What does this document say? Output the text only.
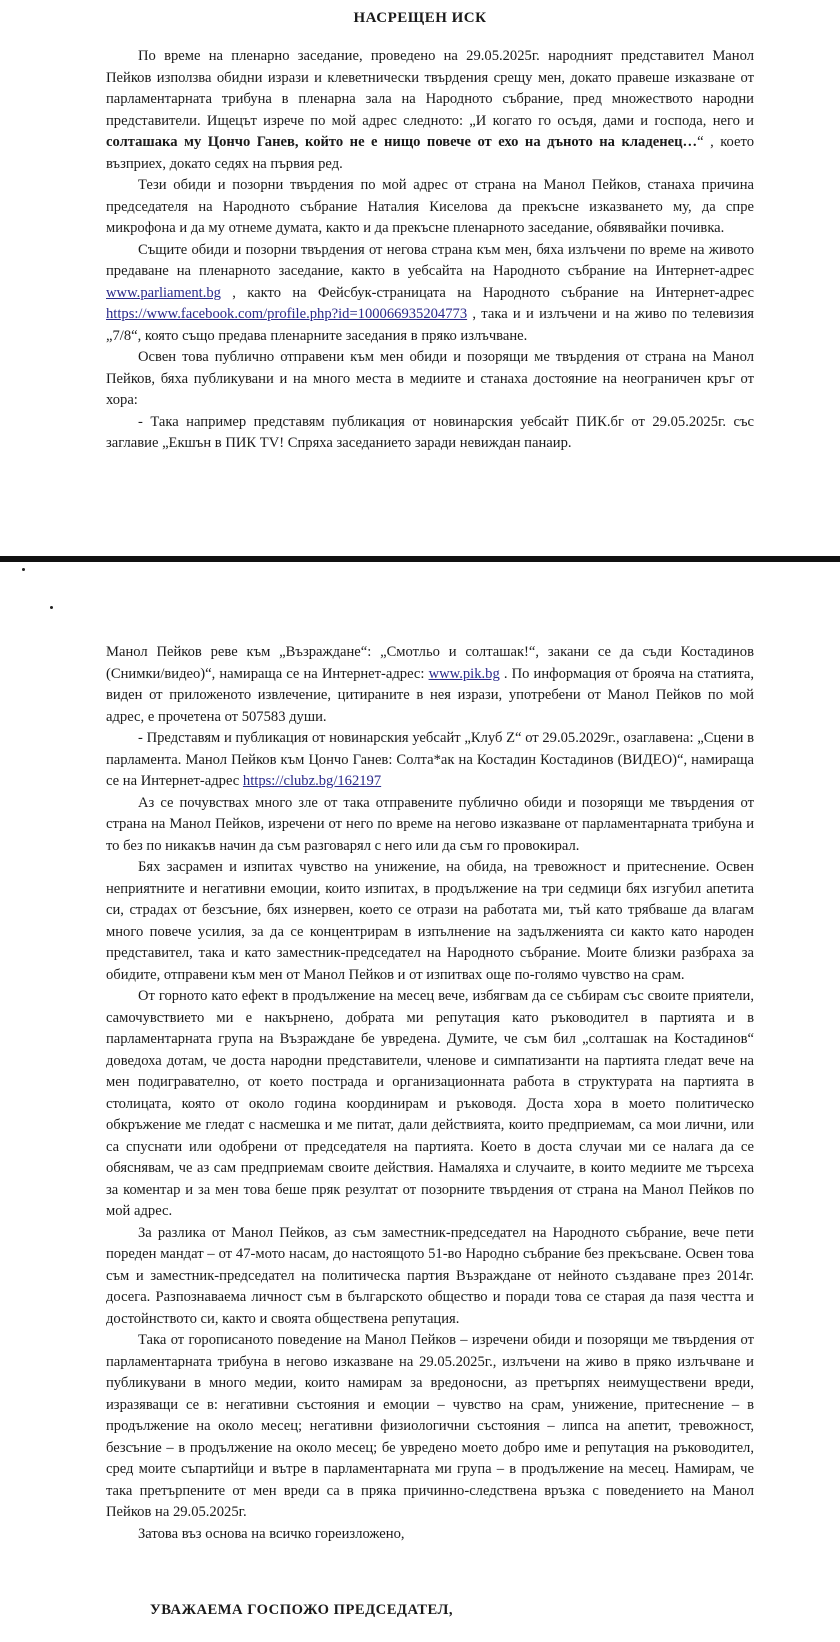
НАСРЕЩЕН ИСК

По време на пленарно заседание, проведено на 29.05.2025г. народният представител Манол Пейков използва обидни изрази и клеветнически твърдения срещу мен, докато правеше изказване от парламентарната трибуна в пленарна зала на Народното събрание, пред множеството народни представители. Ищецът изрече по мой адрес следното: „И когато го осъдя, дами и господа, него и солташака му Цончо Ганев, който не е нищо повече от ехо на дъното на кладенец…“ , което възприех, докато седях на първия ред.

Тези обиди и позорни твърдения по мой адрес от страна на Манол Пейков, станаха причина председателя на Народното събрание Наталия Киселова да прекъсне изказването му, да спре микрофона и да му отнеме думата, както и да прекъсне пленарното заседание, обявявайки почивка.

Същите обиди и позорни твърдения от негова страна към мен, бяха излъчени по време на живото предаване на пленарното заседание, както в уебсайта на Народното събрание на Интернет-адрес www.parliament.bg , както на Фейсбук-страницата на Народното събрание на Интернет-адрес https://www.facebook.com/profile.php?id=100066935204773 , така и и излъчени и на живо по телевизия „7/8“, която също предава пленарните заседания в пряко излъчване.

Освен това публично отправени към мен обиди и позорящи ме твърдения от страна на Манол Пейков, бяха публикувани и на много места в медиите и станаха достояние на неограничен кръг от хора:

- Така например представям публикация от новинарския уебсайт ПИК.бг от 29.05.2025г. със заглавие „Екшън в ПИК TV! Спряха заседанието заради невиждан панаир.

Манол Пейков реве към „Възраждане“: „Смотльо и солташак!“, закани се да съди Костадинов (Снимки/видео)“, намираща се на Интернет-адрес: www.pik.bg . По информация от брояча на статията, виден от приложеното извлечение, цитираните в нея изрази, употребени от Манол Пейков по мой адрес, е прочетена от 507583 души.

- Представям и публикация от новинарския уебсайт „Клуб Z“ от 29.05.2029г., озаглавена: „Сцени в парламента. Манол Пейков към Цончо Ганев: Солта*ак на Костадин Костадинов (ВИДЕО)“, намираща се на Интернет-адрес https://clubz.bg/162197

Аз се почувствах много зле от така отправените публично обиди и позорящи ме твърдения от страна на Манол Пейков, изречени от него по време на негово изказване от парламентарната трибуна и то без по никакъв начин да съм разговарял с него или да съм го провокирал.

Бях засрамен и изпитах чувство на унижение, на обида, на тревожност и притеснение. Освен неприятните и негативни емоции, които изпитах, в продължение на три седмици бях изгубил апетита си, страдах от безсъние, бях изнервен, което се отрази на работата ми, тъй като трябваше да влагам много повече усилия, за да се концентрирам в изпълнение на задълженията си както като народен представител, така и като заместник-председател на Народното събрание. Моите близки разбраха за обидите, отправени към мен от Манол Пейков и от изпитвах още по-голямо чувство на срам.

От горното като ефект в продължение на месец вече, избягвам да се събирам със своите приятели, самочувствието ми е накърнено, добрата ми репутация като ръководител в партията и в парламентарната група на Възраждане бе увредена. Думите, че съм бил „солташак на Костадинов“ доведоха дотам, че доста народни представители, членове и симпатизанти на партията гледат вече на мен подигравателно, от което пострада и организационната работа в структурата на партията в столицата, която от около година координирам и ръководя. Доста хора в моето политическо обкръжение ме гледат с насмешка и ме питат, дали действията, които предприемам, са мои лични, или са спуснати или одобрени от председателя на партията. Което в доста случаи ми се налага да се обяснявам, че аз сам предприемам своите действия. Намаляха и случаите, в които медиите ме търсеха за коментар и за мен това беше пряк резултат от позорните твърдения от страна на Манол Пейков по мой адрес.

За разлика от Манол Пейков, аз съм заместник-председател на Народното събрание, вече пети пореден мандат – от 47-мото насам, до настоящото 51-во Народно събрание без прекъсване. Освен това съм и заместник-председател на политическа партия Възраждане от нейното създаване през 2014г. досега. Разпознаваема личност съм в българското общество и поради това се старая да пазя честта и достойнството си, както и своята обществена репутация.

Така от горописаното поведение на Манол Пейков – изречени обиди и позорящи ме твърдения от парламентарната трибуна в негово изказване на 29.05.2025г., излъчени на живо в пряко излъчване и публикувани в много медии, които намирам за вредоносни, аз претърпях неимуществени вреди, изразяващи се в: негативни състояния и емоции – чувство на срам, унижение, притеснение – в продължение на около месец; негативни физиологични състояния – липса на апетит, тревожност, безсъние – в продължение на около месец; бе увредено моето добро име и репутация на ръководител, сред моите съпартийци и вътре в парламентарната ми група – в продължение на месец. Намирам, че така претърпените от мен вреди са в пряка причинно-следствена връзка с поведението на Манол Пейков на 29.05.2025г.

Затова въз основа на всичко гореизложено,

УВАЖАЕМА ГОСПОЖО ПРЕДСЕДАТЕЛ,
